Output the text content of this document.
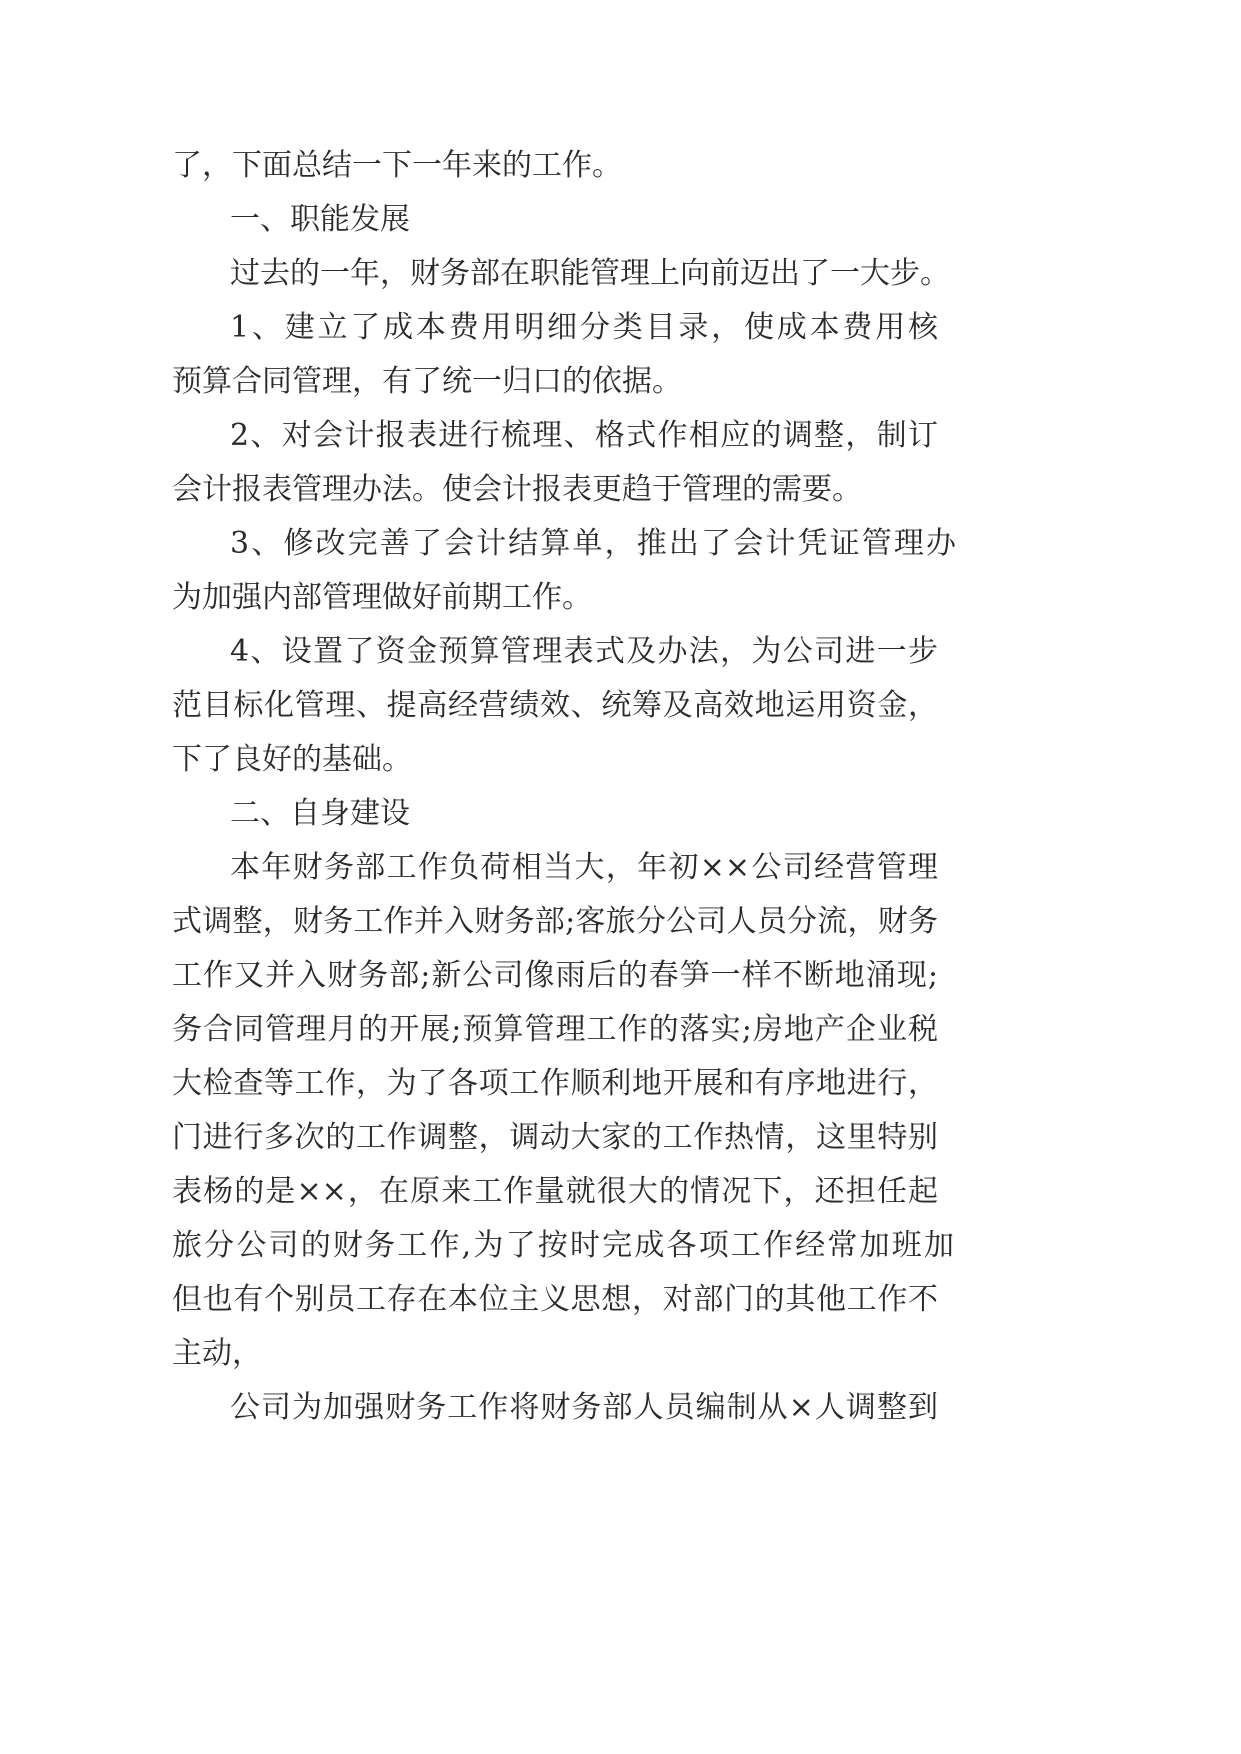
了，下面总结一下一年来的工作。
一、职能发展
过去的一年，财务部在职能管理上向前迈出了一大步。
1、建立了成本费用明细分类目录，使成本费用核
预算合同管理，有了统一归口的依据。
2、对会计报表进行梳理、格式作相应的调整，制订
会计报表管理办法。使会计报表更趋于管理的需要。
3、修改完善了会计结算单，推出了会计凭证管理办
为加强内部管理做好前期工作。
4、设置了资金预算管理表式及办法，为公司进一步
范目标化管理、提高经营绩效、统筹及高效地运用资金，
下了良好的基础。
二、自身建设
本年财务部工作负荷相当大，年初××公司经营管理
式调整，财务工作并入财务部;客旅分公司人员分流，财务
工作又并入财务部;新公司像雨后的春笋一样不断地涌现;
务合同管理月的开展;预算管理工作的落实;房地产企业税
大检查等工作，为了各项工作顺利地开展和有序地进行，
门进行多次的工作调整，调动大家的工作热情，这里特别
表杨的是××，在原来工作量就很大的情况下，还担任起
旅分公司的财务工作,为了按时完成各项工作经常加班加
但也有个别员工存在本位主义思想，对部门的其他工作不
主动，
公司为加强财务工作将财务部人员编制从×人调整到
